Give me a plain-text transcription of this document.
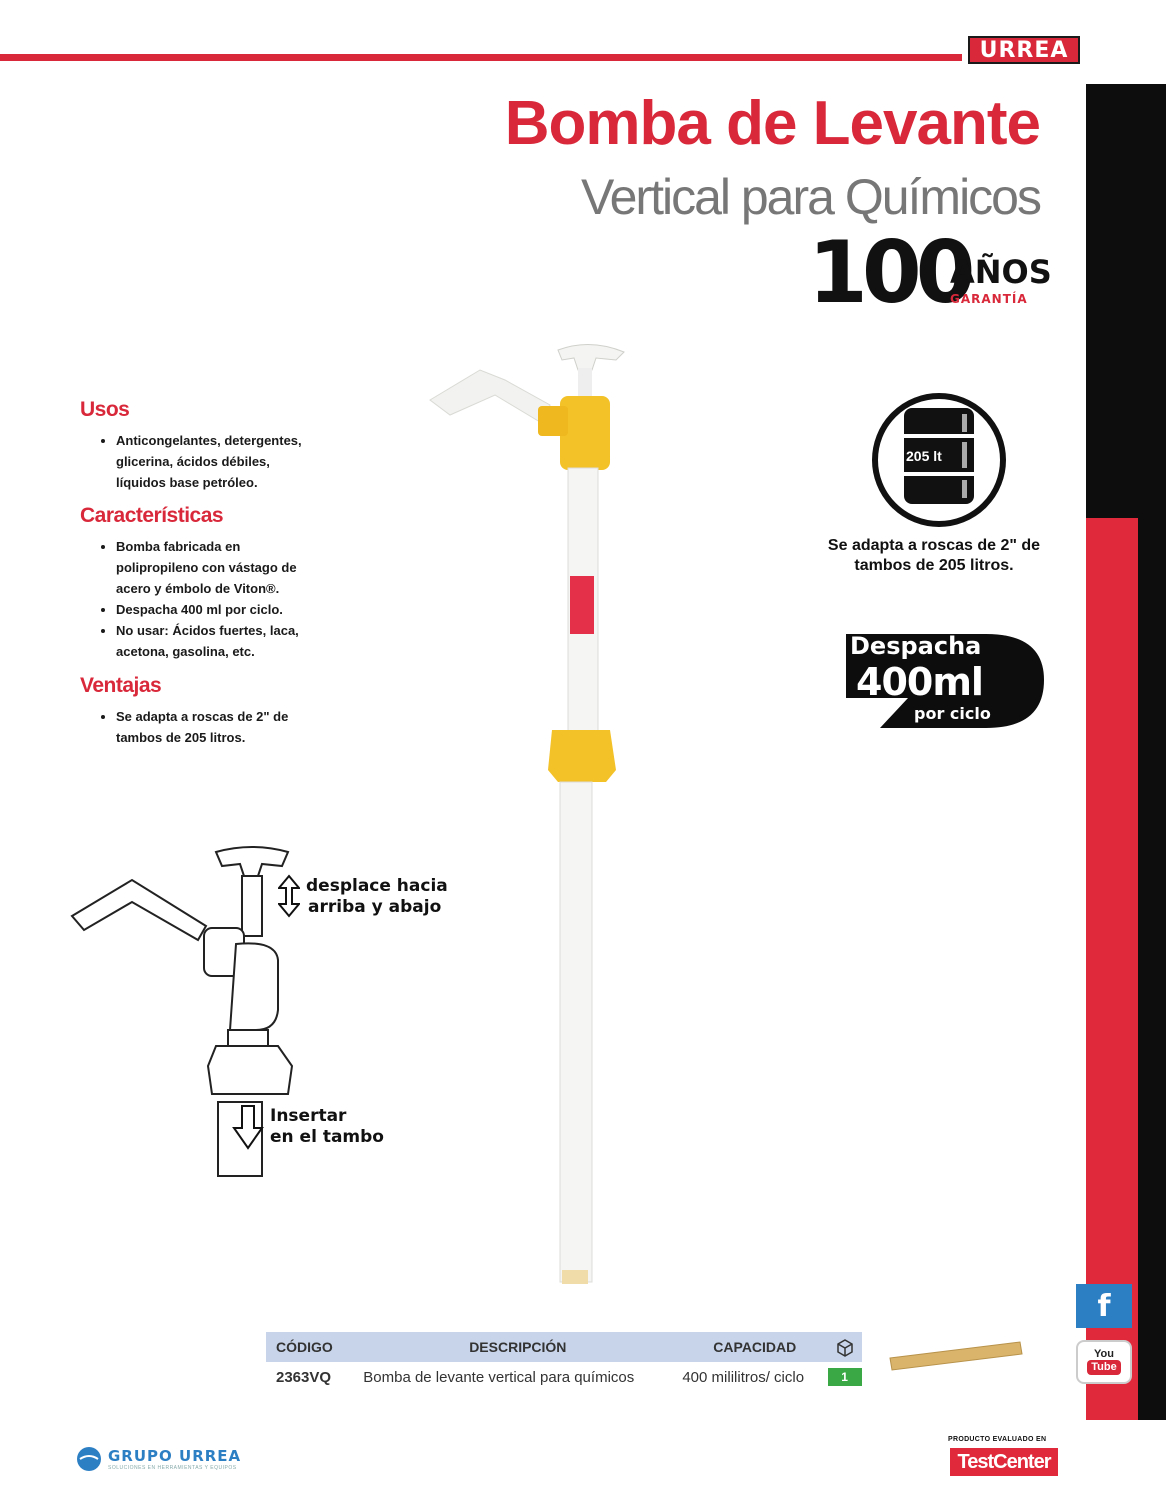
URREA
Bomba de Levante
Vertical para Químicos
100
AÑOS
GARANTÍA
f
You
Tube
Usos
• Anticongelantes, detergentes, glicerina, ácidos débiles, líquidos base petróleo.
Características
• Bomba fabricada en polipropileno con vástago de acero y émbolo de Viton®.
• Despacha 400 ml por ciclo.
• No usar: Ácidos fuertes, laca, acetona, gasolina, etc.
Ventajas
• Se adapta a roscas de 2" de tambos de 205 litros.
205 lt
Se adapta a roscas de 2" de tambos de 205 litros.
Despacha
400ml
por ciclo
desplace hacia
arriba y abajo
Insertar
en el tambo
CÓDIGO	DESCRIPCIÓN	CAPACIDAD
2363VQ	Bomba de levante vertical para químicos	400 mililitros/ ciclo	1
GRUPO URREA
SOLUCIONES EN HERRAMIENTAS Y EQUIPOS
PRODUCTO EVALUADO EN
TestCenter
